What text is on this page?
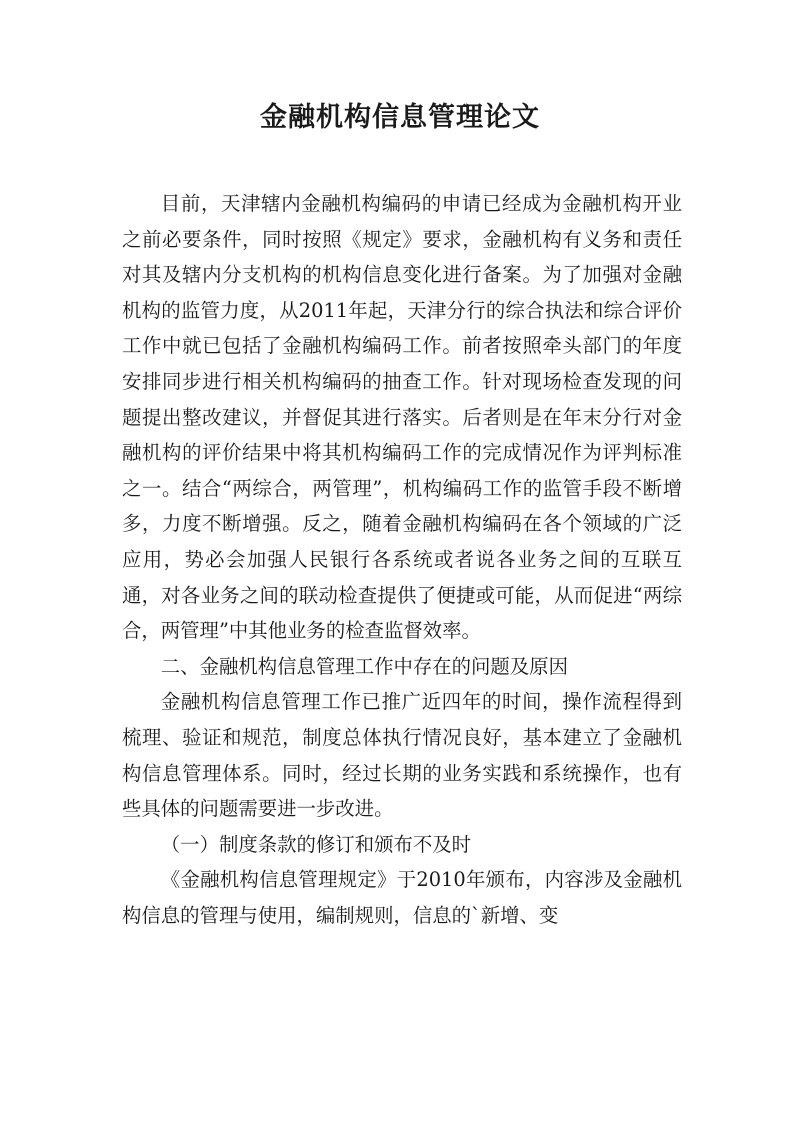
金融机构信息管理论文

目前，天津辖内金融机构编码的申请已经成为金融机构开业之前必要条件，同时按照《规定》要求，金融机构有义务和责任对其及辖内分支机构的机构信息变化进行备案。为了加强对金融机构的监管力度，从2011年起，天津分行的综合执法和综合评价工作中就已包括了金融机构编码工作。前者按照牵头部门的年度安排同步进行相关机构编码的抽查工作。针对现场检查发现的问题提出整改建议，并督促其进行落实。后者则是在年末分行对金融机构的评价结果中将其机构编码工作的完成情况作为评判标准之一。结合“两综合，两管理”，机构编码工作的监管手段不断增多，力度不断增强。反之，随着金融机构编码在各个领域的广泛应用，势必会加强人民银行各系统或者说各业务之间的互联互通，对各业务之间的联动检查提供了便捷或可能，从而促进“两综合，两管理”中其他业务的检查监督效率。

二、金融机构信息管理工作中存在的问题及原因

金融机构信息管理工作已推广近四年的时间，操作流程得到梳理、验证和规范，制度总体执行情况良好，基本建立了金融机构信息管理体系。同时，经过长期的业务实践和系统操作，也有些具体的问题需要进一步改进。

（一）制度条款的修订和颁布不及时

《金融机构信息管理规定》于2010年颁布，内容涉及金融机构信息的管理与使用，编制规则，信息的`新增、变
